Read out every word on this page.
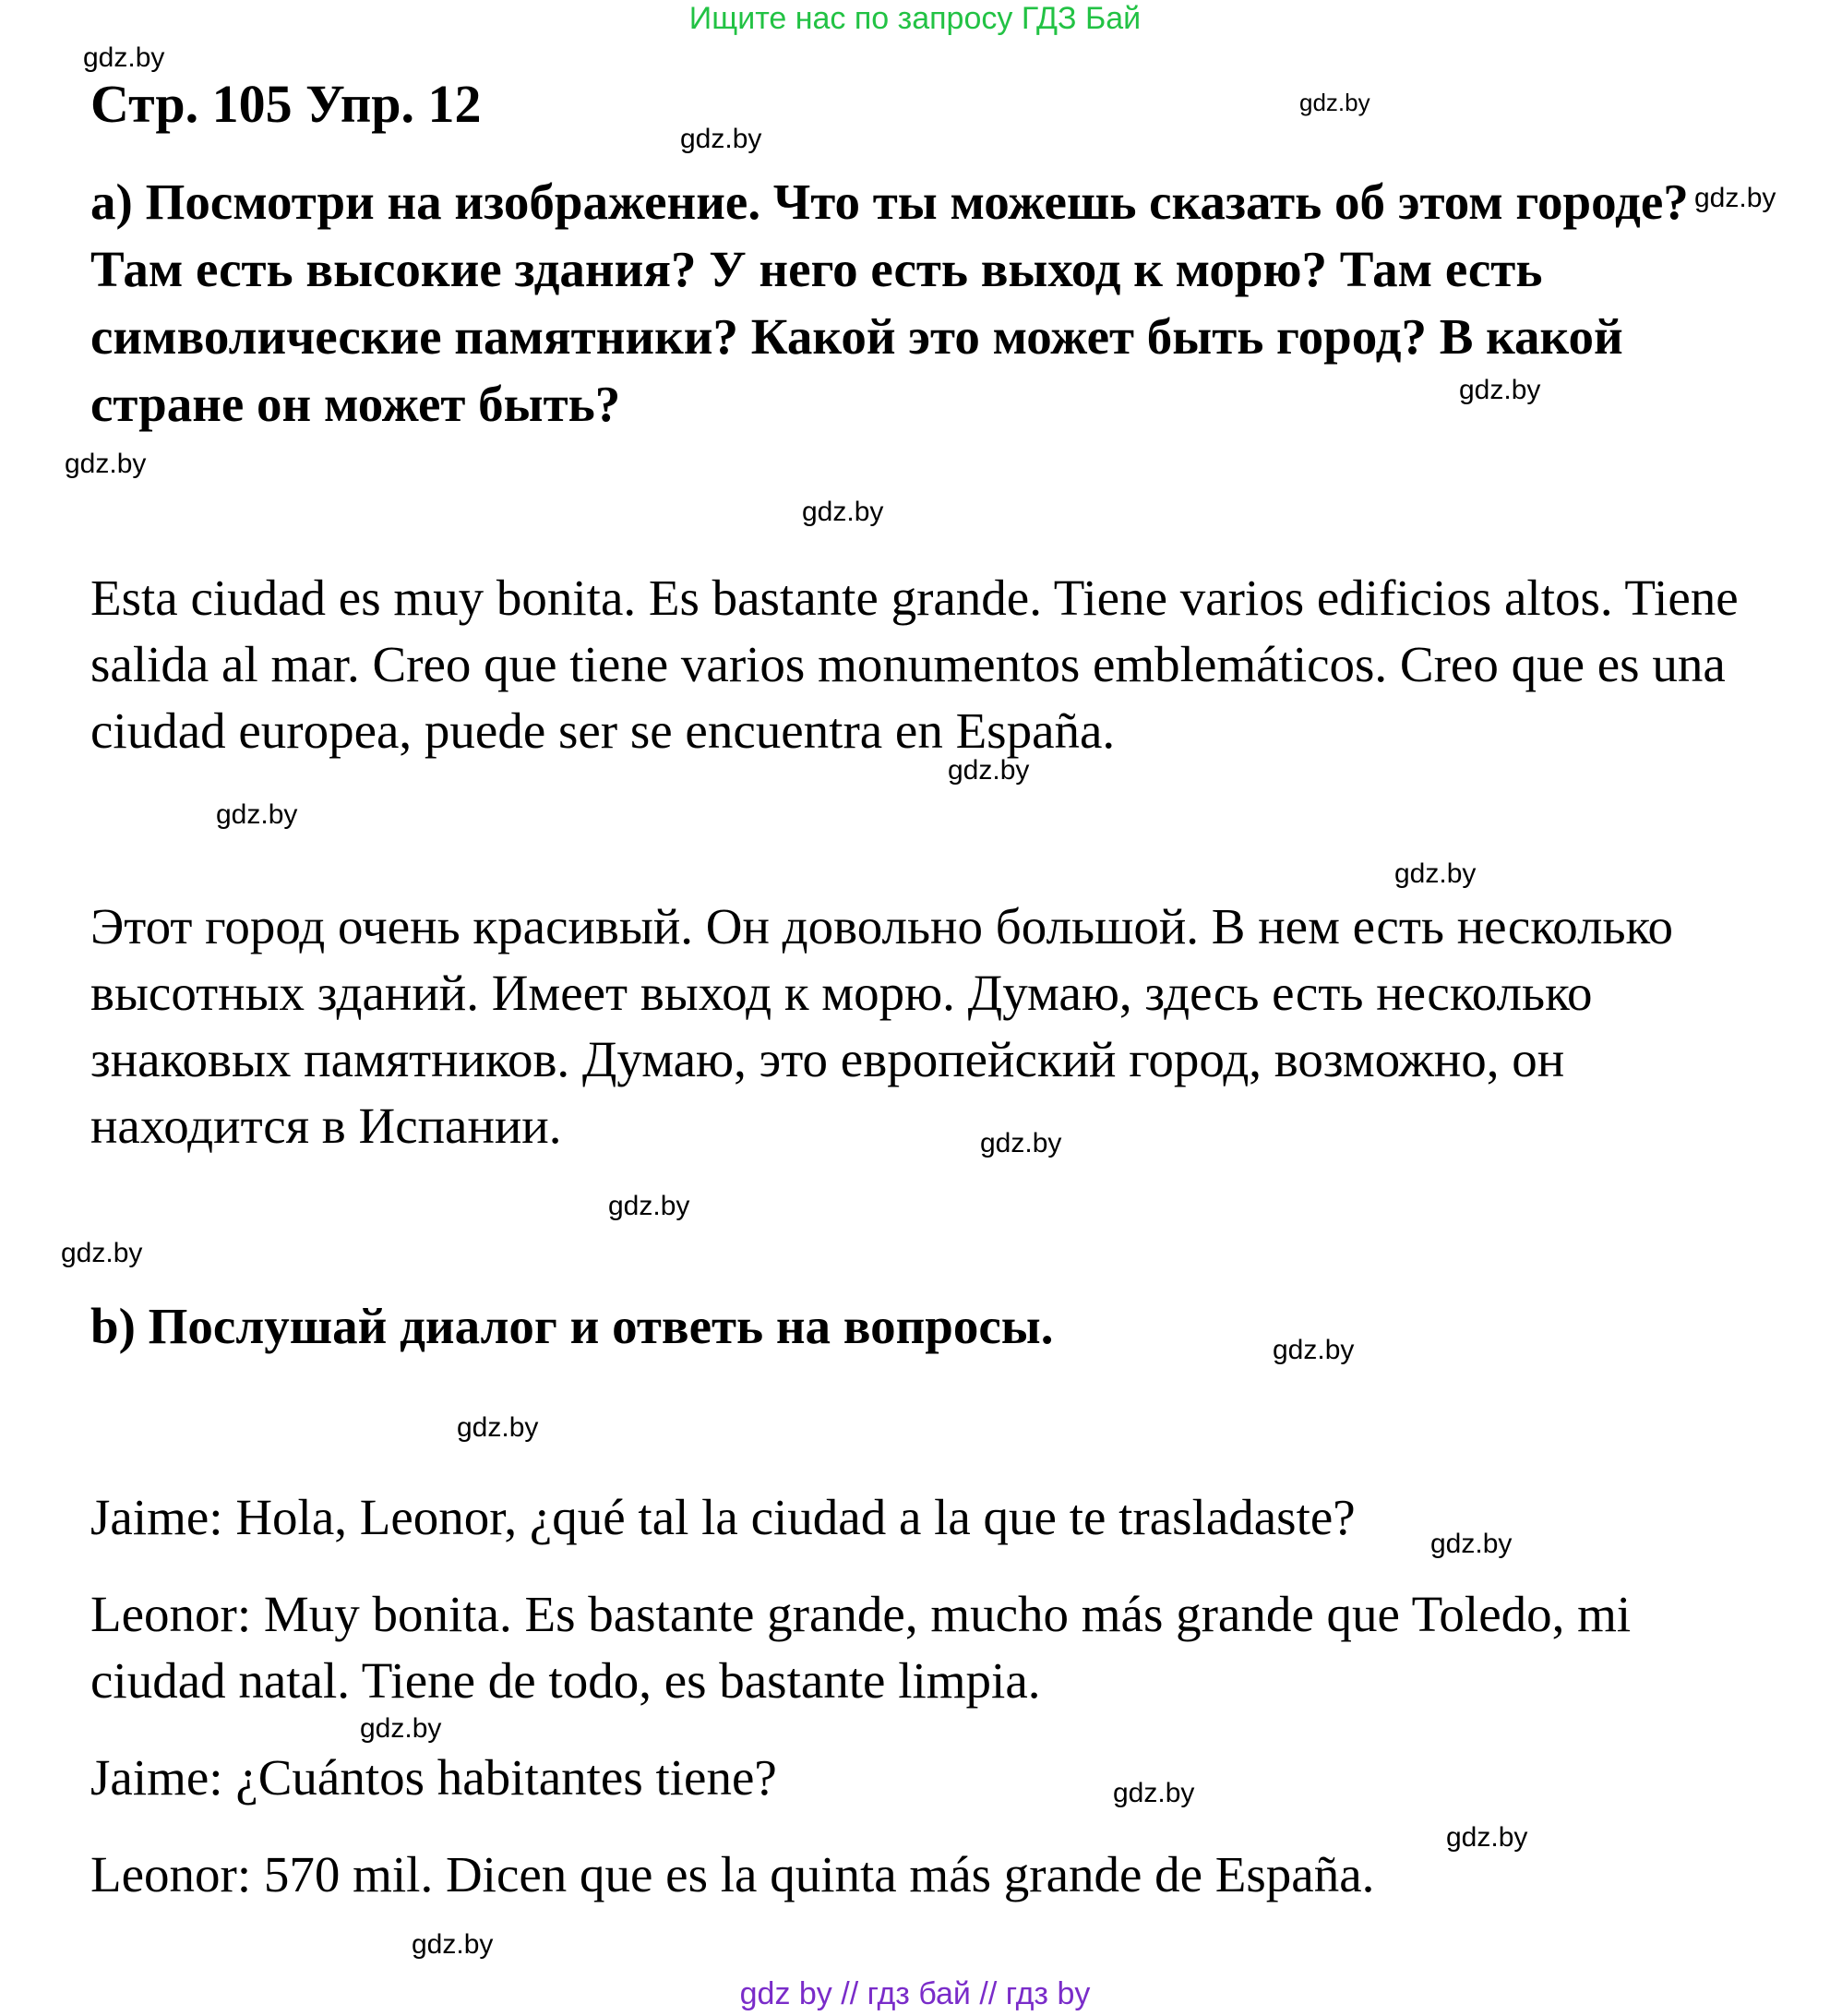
Ищите нас по запросу ГДЗ Бай
Стр. 105 Упр. 12

a) Посмотри на изображение. Что ты можешь сказать об этом городе? Там есть высокие здания? У него есть выход к морю? Там есть символические памятники? Какой это может быть город? В какой стране он может быть?

Esta ciudad es muy bonita. Es bastante grande. Tiene varios edificios altos. Tiene salida al mar. Creo que tiene varios monumentos emblemáticos. Creo que es una ciudad europea, puede ser se encuentra en España.

Этот город очень красивый. Он довольно большой. В нем есть несколько высотных зданий. Имеет выход к морю. Думаю, здесь есть несколько знаковых памятников. Думаю, это европейский город, возможно, он находится в Испании.

b) Послушай диалог и ответь на вопросы.

Jaime: Hola, Leonor, ¿qué tal la ciudad a la que te trasladaste?

Leonor: Muy bonita. Es bastante grande, mucho más grande que Toledo, mi ciudad natal. Tiene de todo, es bastante limpia.

Jaime: ¿Cuántos habitantes tiene?

Leonor: 570 mil. Dicen que es la quinta más grande de España.

gdz.by
gdz.by
gdz.by
gdz.by
gdz.by
gdz.by
gdz.by
gdz.by
gdz.by
gdz.by
gdz.by
gdz.by
gdz.by
gdz.by
gdz.by
gdz.by
gdz.by
gdz.by
gdz.by
gdz.by
gdz by // гдз бай // гдз by
